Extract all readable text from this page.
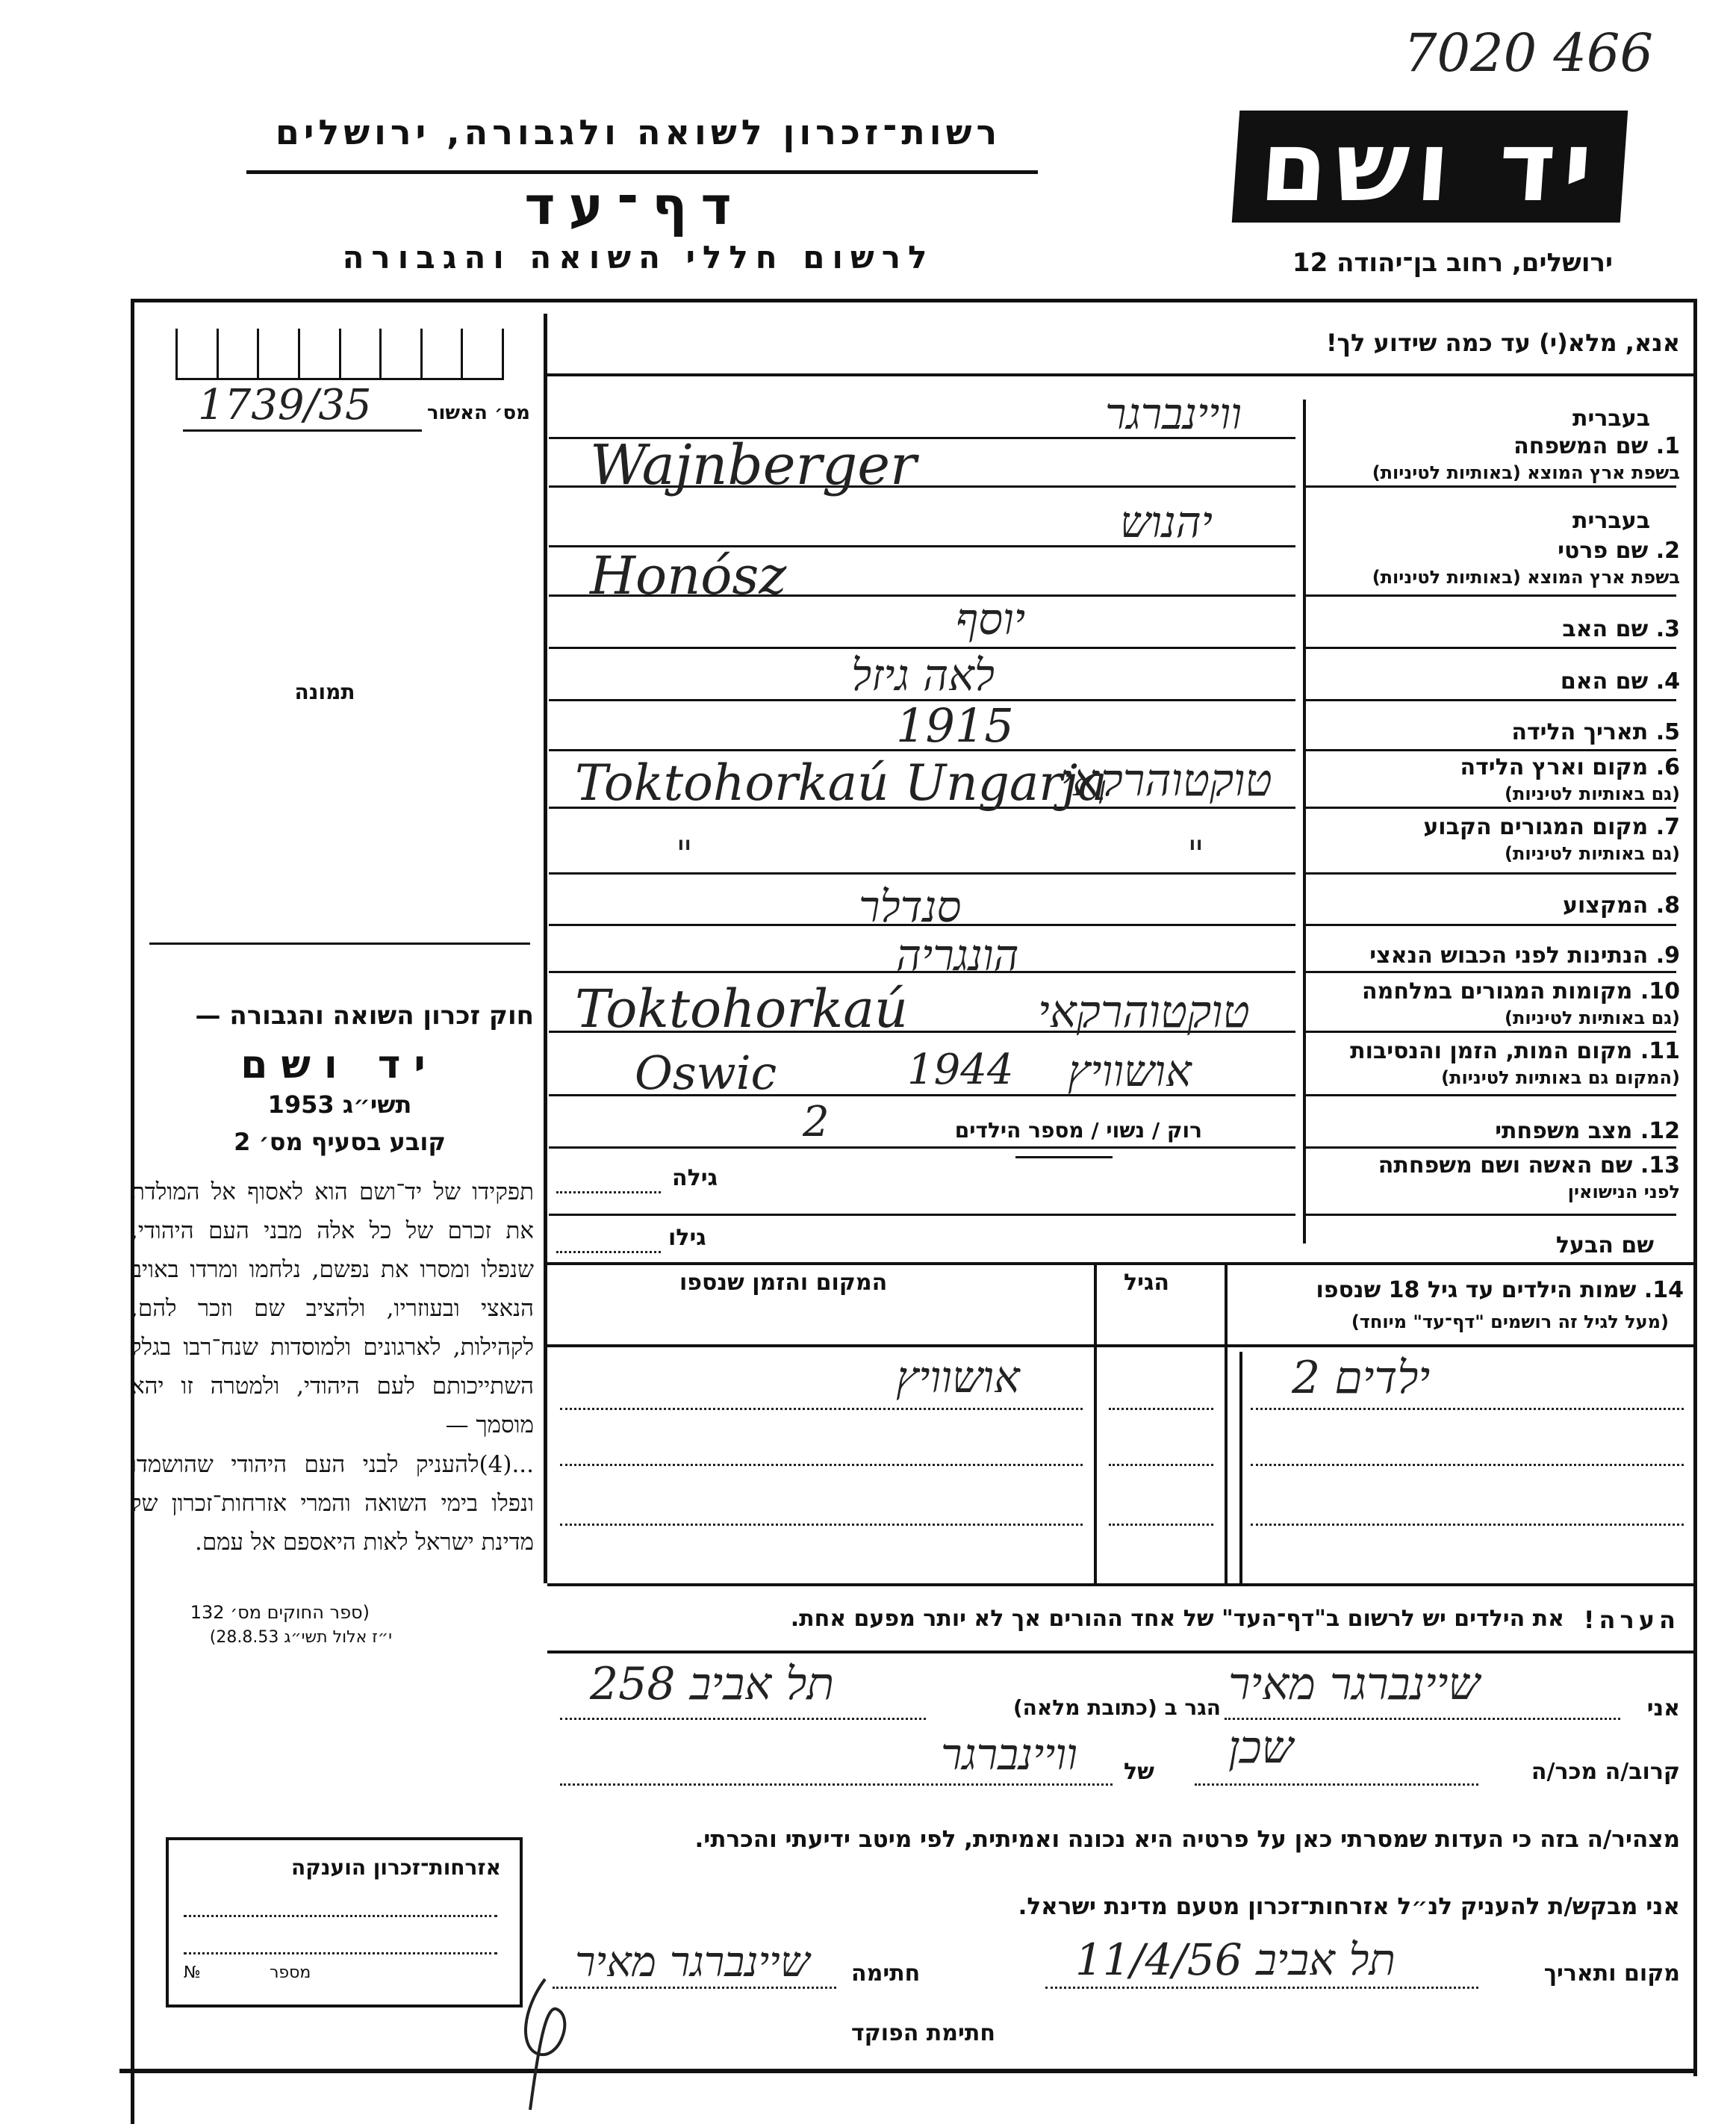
7020 466
רשות־זכרון לשואה ולגבורה, ירושלים
דף־עד
לרשום חללי השואה והגבורה
יד ושם
ירושלים, רחוב בן־יהודה 12
מס׳ האשור
1739/35
תמונה
חוק זכרון השואה והגבורה —
יד ושם
תשי״ג 1953
קובע בסעיף מס׳ 2
תפקידו של יד־ושם הוא לאסוף אל המולדת את זכרם של כל אלה מבני העם היהודי, שנפלו ומסרו את נפשם, נלחמו ומרדו באויב הנאצי ובעוזריו, ולהציב שם וזכר להם, לקהילות, לארגונים ולמוסדות שנח־רבו בגלל השתייכותם לעם היהודי, ולמטרה זו יהא מוסמך —
...(4)להעניק לבני העם היהודי שהושמדו ונפלו בימי השואה והמרי אזרחות־זכרון של מדינת ישראל לאות היאספם אל עמם.
(ספר החוקים מס׳ 132
י״ז אלול תשי״ג 28.8.53)
אזרחות־זכרון הוענקה
מספר
№
אנא, מלא(י) עד כמה שידוע לך!
בעברית
1. שם המשפחה
בשפת ארץ המוצא (באותיות לטיניות)
בעברית
2. שם פרטי
בשפת ארץ המוצא (באותיות לטיניות)
3. שם האב
4. שם האם
5. תאריך הלידה
6. מקום וארץ הלידה
(גם באותיות לטיניות)
7. מקום המגורים הקבוע
(גם באותיות לטיניות)
8. המקצוע
9. הנתינות לפני הכבוש הנאצי
10. מקומות המגורים במלחמה
(גם באותיות לטיניות)
11. מקום המות, הזמן והנסיבות
(המקום גם באותיות לטיניות)
12. מצב משפחתי
13. שם האשה ושם משפחתה
לפני הנישואין
שם הבעל
וויינברגר
Wajnberger
יהנוש
Honósz
יוסף
לאה גיזל
1915
טוקטוהרקאי
Toktohorkaú Ungarja
"	"
סנדלר
הונגריה
טוקטוהרקאי
Toktohorkaú
אושוויץ
1944
Oswic
רוק / נשוי / מספר הילדים
2
גילה
גילו
14. שמות הילדים עד גיל 18 שנספו
(מעל לגיל זה רושמים "דף־עד" מיוחד)
הגיל
המקום והזמן שנספו
2 ילדים
אושוויץ
הערה!
את הילדים יש לרשום ב"דף־העד" של אחד ההורים אך לא יותר מפעם אחת.
אני
שיינברגר מאיר
הגר ב (כתובת מלאה)
תל אביב 258
קרוב/ה מכר/ה
שכן
של
וויינברגר
מצהיר/ה בזה כי העדות שמסרתי כאן על פרטיה היא נכונה ואמיתית, לפי מיטב ידיעתי והכרתי.
אני מבקש/ת להעניק לנ״ל אזרחות־זכרון מטעם מדינת ישראל.
מקום ותאריך
תל אביב 11/4/56
חתימה
שיינברגר מאיר
חתימת הפוקד
